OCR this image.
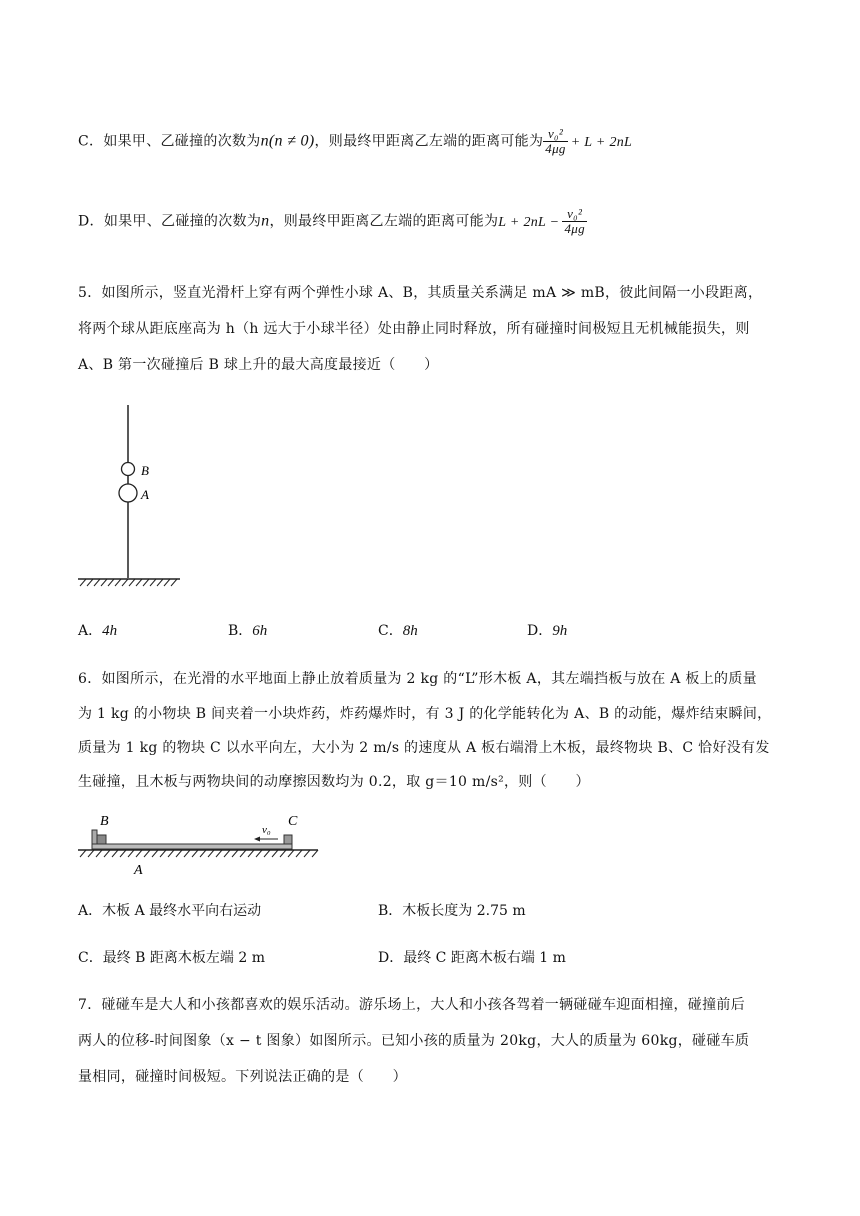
C．如果甲、乙碰撞的次数为n(n ≠ 0)，则最终甲距离乙左端的距离可能为 $\frac{\text{v₀²}}{4\mu g} + L + 2nL$
D．如果甲、乙碰撞的次数为n，则最终甲距离乙左端的距离可能为$L + 2nL - \frac{\text{v₀²}}{4\mu g}$
5．如图所示，竖直光滑杆上穿有两个弹性小球 A、B，其质量关系满足 mA ≫ mB，彼此间隔一小段距离，
将两个球从距底座高为 h（h 远大于小球半径）处由静止同时释放，所有碰撞时间极短且无机械能损失，则
A、B 第一次碰撞后 B 球上升的最大高度最接近（　　）
B
A
A．4h	B．6h	C．8h	D．9h
6．如图所示，在光滑的水平地面上静止放着质量为 2 kg 的“L”形木板 A，其左端挡板与放在 A 板上的质量
为 1 kg 的小物块 B 间夹着一小块炸药，炸药爆炸时，有 3 J 的化学能转化为 A、B 的动能，爆炸结束瞬间，
质量为 1 kg 的物块 C 以水平向左，大小为 2 m/s 的速度从 A 板右端滑上木板，最终物块 B、C 恰好没有发
生碰撞，且木板与两物块间的动摩擦因数均为 0.2，取 g＝10 m/s²，则（　　）
B	C
v₀
A
A．木板 A 最终水平向右运动	B．木板长度为 2.75 m
C．最终 B 距离木板左端 2 m	D．最终 C 距离木板右端 1 m
7．碰碰车是大人和小孩都喜欢的娱乐活动。游乐场上，大人和小孩各驾着一辆碰碰车迎面相撞，碰撞前后
两人的位移-时间图象（x − t 图象）如图所示。已知小孩的质量为 20kg，大人的质量为 60kg，碰碰车质
量相同，碰撞时间极短。下列说法正确的是（　　）
